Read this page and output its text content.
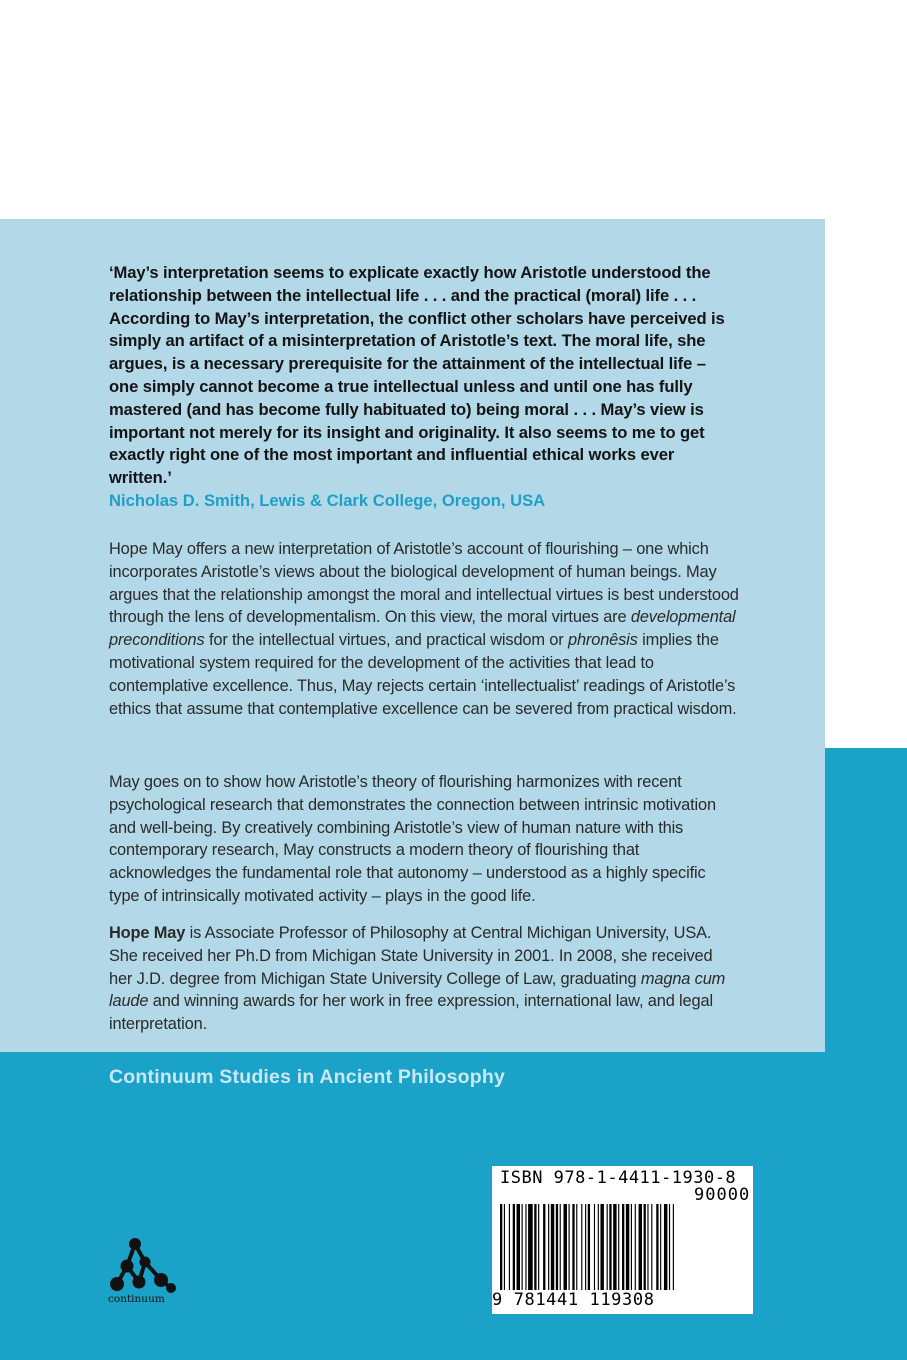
‘May’s interpretation seems to explicate exactly how Aristotle understood the relationship between the intellectual life . . . and the practical (moral) life . . . According to May’s interpretation, the conflict other scholars have perceived is simply an artifact of a misinterpretation of Aristotle’s text. The moral life, she argues, is a necessary prerequisite for the attainment of the intellectual life – one simply cannot become a true intellectual unless and until one has fully mastered (and has become fully habituated to) being moral . . . May’s view is important not merely for its insight and originality. It also seems to me to get exactly right one of the most important and influential ethical works ever written.’

Nicholas D. Smith, Lewis & Clark College, Oregon, USA

Hope May offers a new interpretation of Aristotle’s account of flourishing – one which incorporates Aristotle’s views about the biological development of human beings. May argues that the relationship amongst the moral and intellectual virtues is best understood through the lens of developmentalism. On this view, the moral virtues are developmental preconditions for the intellectual virtues, and practical wisdom or phronêsis implies the motivational system required for the development of the activities that lead to contemplative excellence. Thus, May rejects certain ‘intellectualist’ readings of Aristotle’s ethics that assume that contemplative excellence can be severed from practical wisdom.

May goes on to show how Aristotle’s theory of flourishing harmonizes with recent psychological research that demonstrates the connection between intrinsic motivation and well-being. By creatively combining Aristotle’s view of human nature with this contemporary research, May constructs a modern theory of flourishing that acknowledges the fundamental role that autonomy – understood as a highly specific type of intrinsically motivated activity – plays in the good life.

Hope May is Associate Professor of Philosophy at Central Michigan University, USA. She received her Ph.D from Michigan State University in 2001. In 2008, she received her J.D. degree from Michigan State University College of Law, graduating magna cum laude and winning awards for her work in free expression, international law, and legal interpretation.

Continuum Studies in Ancient Philosophy

continuum

ISBN 978-1-4411-1930-8

90000

9 781441 119308
